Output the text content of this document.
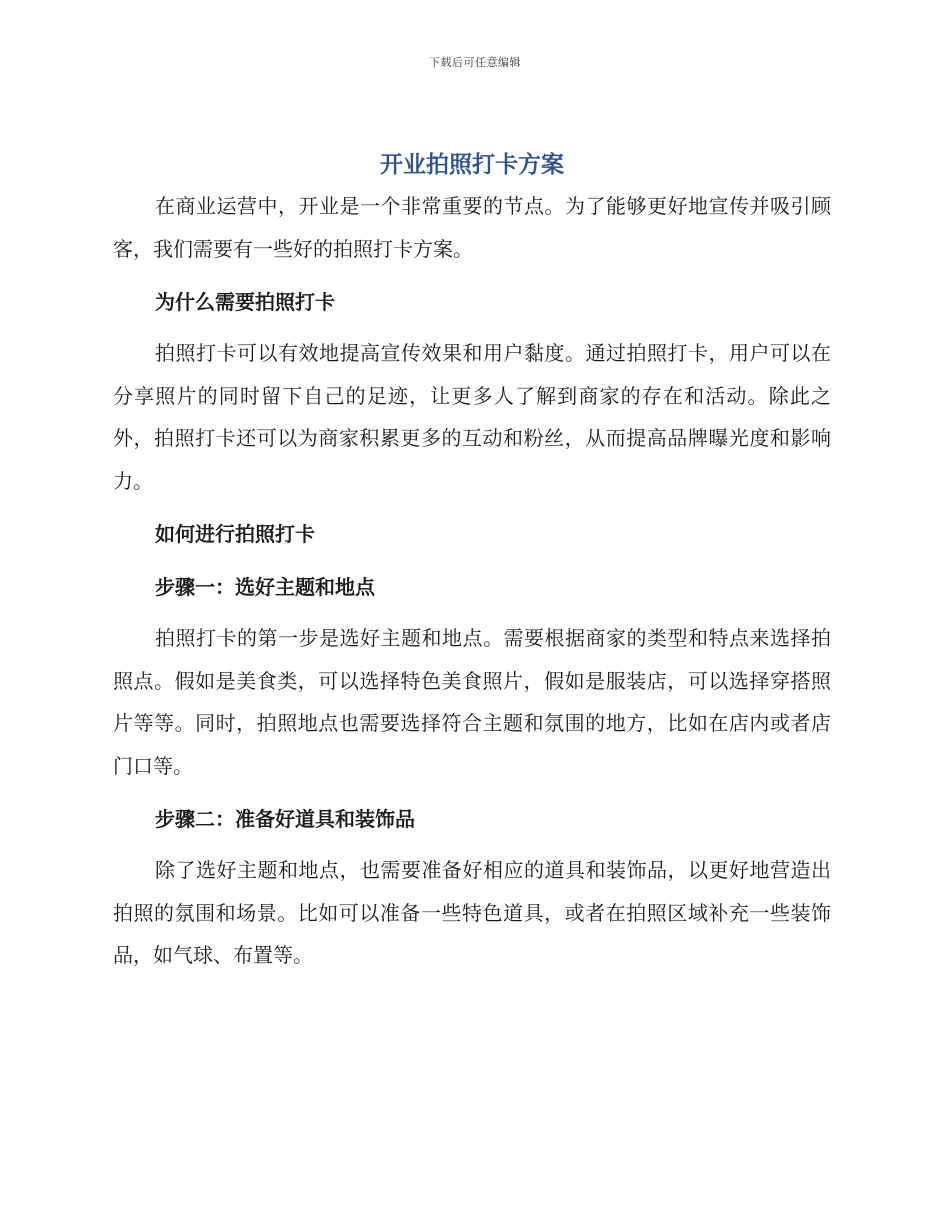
下载后可任意编辑
开业拍照打卡方案

在商业运营中，开业是一个非常重要的节点。为了能够更好地宣传并吸引顾客，我们需要有一些好的拍照打卡方案。

为什么需要拍照打卡

拍照打卡可以有效地提高宣传效果和用户黏度。通过拍照打卡，用户可以在分享照片的同时留下自己的足迹，让更多人了解到商家的存在和活动。除此之外，拍照打卡还可以为商家积累更多的互动和粉丝，从而提高品牌曝光度和影响力。

如何进行拍照打卡
步骤一：选好主题和地点

拍照打卡的第一步是选好主题和地点。需要根据商家的类型和特点来选择拍照点。假如是美食类，可以选择特色美食照片，假如是服装店，可以选择穿搭照片等等。同时，拍照地点也需要选择符合主题和氛围的地方，比如在店内或者店门口等。

步骤二：准备好道具和装饰品

除了选好主题和地点，也需要准备好相应的道具和装饰品，以更好地营造出拍照的氛围和场景。比如可以准备一些特色道具，或者在拍照区域补充一些装饰品，如气球、布置等。
